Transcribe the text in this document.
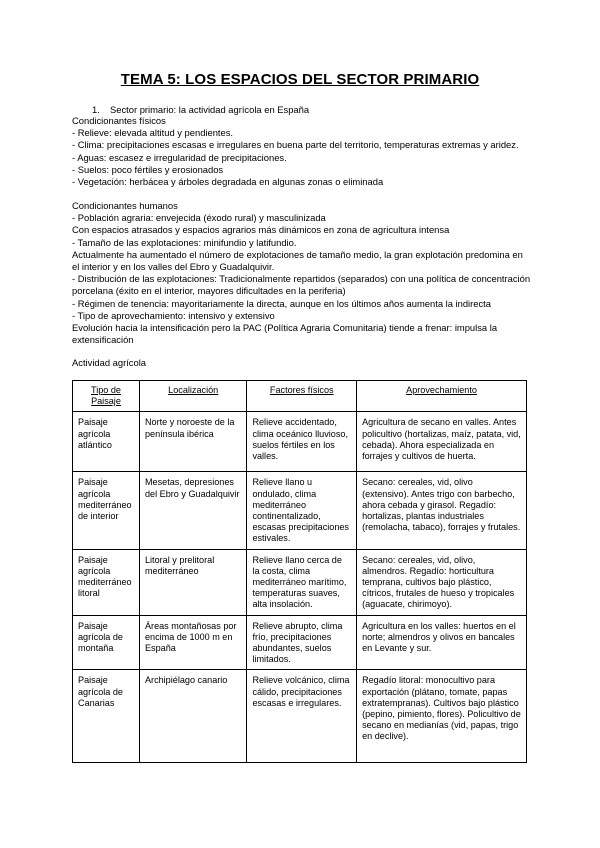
TEMA 5: LOS ESPACIOS DEL SECTOR PRIMARIO
1. Sector primario: la actividad agrícola en España

Condicionantes físicos

- Relieve: elevada altitud y pendientes.

- Clima: precipitaciones escasas e irregulares en buena parte del territorio, temperaturas extremas y aridez.

- Aguas: escasez e irregularidad de precipitaciones.

- Suelos: poco fértiles y erosionados

- Vegetación: herbácea y árboles degradada en algunas zonas o eliminada

Condicionantes humanos

- Población agraria: envejecida (éxodo rural) y masculinizada

Con espacios atrasados y espacios agrarios más dinámicos en zona de agricultura intensa

- Tamaño de las explotaciones: minifundio y latifundio.

Actualmente ha aumentado el número de explotaciones de tamaño medio, la gran explotación predomina en el interior y en los valles del Ebro y Guadalquivir.

- Distribución de las explotaciones: Tradicionalmente repartidos (separados) con una política de concentración porcelana (éxito en el interior, mayores dificultades en la periferia)

- Régimen de tenencia: mayoritariamente la directa, aunque en los últimos años aumenta la indirecta

- Tipo de aprovechamiento: intensivo y extensivo

Evolución hacia la intensificación pero la PAC (Política Agraria Comunitaria) tiende a frenar: impulsa la extensificación

Actividad agrícola
Tipo de Paisaje	Localización	Factores físicos	Aprovechamiento
Paisaje agrícola atlántico	Norte y noroeste de la península ibérica	Relieve accidentado, clima oceánico lluvioso, suelos fértiles en los valles.	Agricultura de secano en valles. Antes policultivo (hortalizas, maíz, patata, vid, cebada). Ahora especializada en forrajes y cultivos de huerta.
Paisaje agrícola mediterráneo de interior	Mesetas, depresiones del Ebro y Guadalquivir	Relieve llano u ondulado, clima mediterráneo continentalizado, escasas precipitaciones estivales.	Secano: cereales, vid, olivo (extensivo). Antes trigo con barbecho, ahora cebada y girasol. Regadío: hortalizas, plantas industriales (remolacha, tabaco), forrajes y frutales.
Paisaje agrícola mediterráneo litoral	Litoral y prelitoral mediterráneo	Relieve llano cerca de la costa, clima mediterráneo marítimo, temperaturas suaves, alta insolación.	Secano: cereales, vid, olivo, almendros. Regadío: horticultura temprana, cultivos bajo plástico, cítricos, frutales de hueso y tropicales (aguacate, chirimoyo).
Paisaje agrícola de montaña	Áreas montañosas por encima de 1000 m en España	Relieve abrupto, clima frío, precipitaciones abundantes, suelos limitados.	Agricultura en los valles: huertos en el norte; almendros y olivos en bancales en Levante y sur.
Paisaje agrícola de Canarias	Archipiélago canario	Relieve volcánico, clima cálido, precipitaciones escasas e irregulares.	Regadío litoral: monocultivo para exportación (plátano, tomate, papas extratempranas). Cultivos bajo plástico (pepino, pimiento, flores). Policultivo de secano en medianías (vid, papas, trigo en declive).
